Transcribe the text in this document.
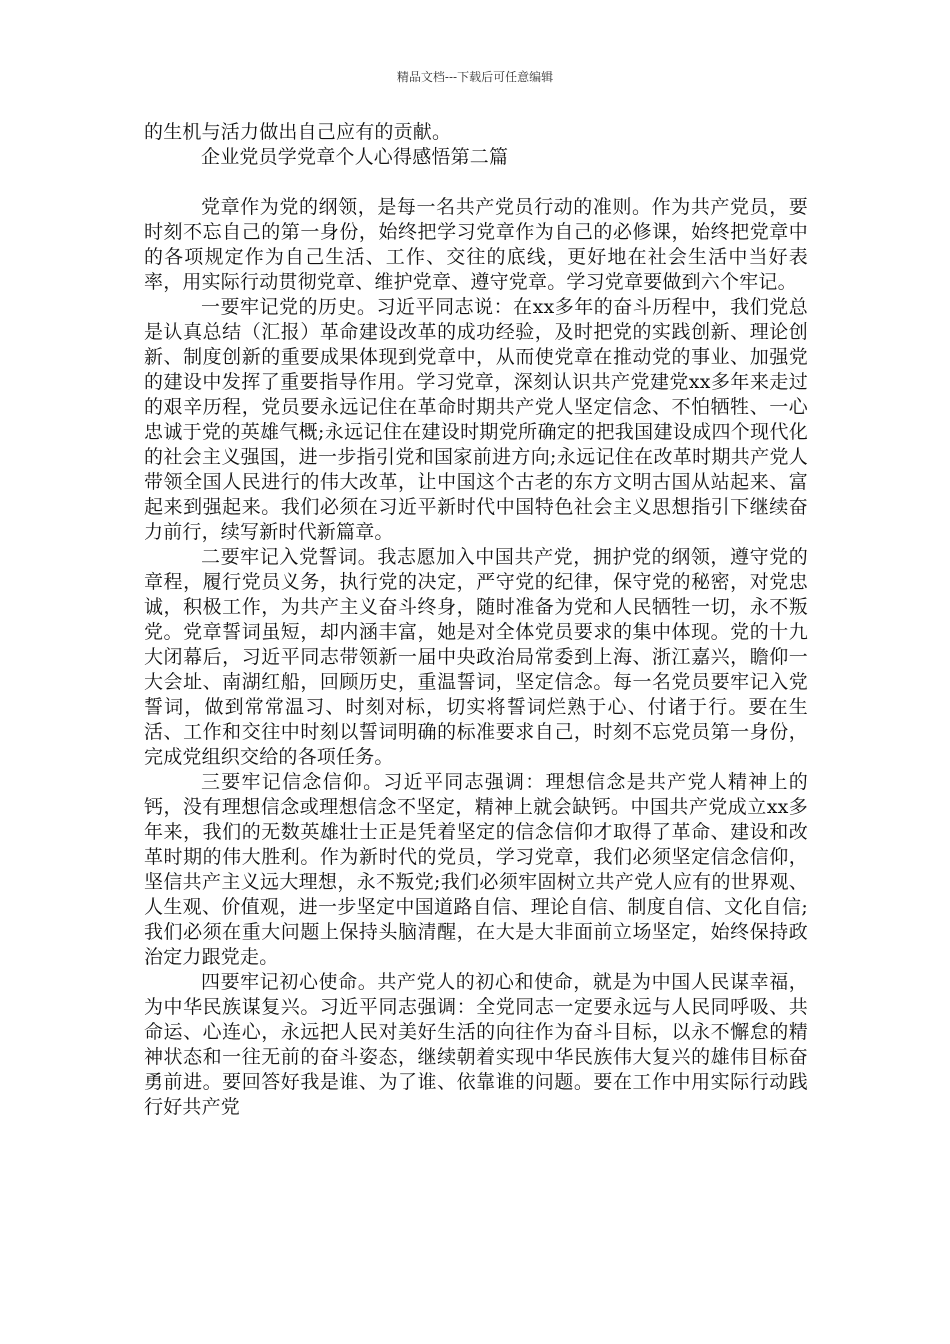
精品文档---下载后可任意编辑

的生机与活力做出自己应有的贡献。

企业党员学党章个人心得感悟第二篇

党章作为党的纲领，是每一名共产党员行动的准则。作为共产党员，要时刻不忘自己的第一身份，始终把学习党章作为自己的必修课，始终把党章中的各项规定作为自己生活、工作、交往的底线，更好地在社会生活中当好表率，用实际行动贯彻党章、维护党章、遵守党章。学习党章要做到六个牢记。

一要牢记党的历史。习近平同志说：在xx多年的奋斗历程中，我们党总是认真总结（汇报）革命建设改革的成功经验，及时把党的实践创新、理论创新、制度创新的重要成果体现到党章中，从而使党章在推动党的事业、加强党的建设中发挥了重要指导作用。学习党章，深刻认识共产党建党xx多年来走过的艰辛历程，党员要永远记住在革命时期共产党人坚定信念、不怕牺牲、一心忠诚于党的英雄气概;永远记住在建设时期党所确定的把我国建设成四个现代化的社会主义强国，进一步指引党和国家前进方向;永远记住在改革时期共产党人带领全国人民进行的伟大改革，让中国这个古老的东方文明古国从站起来、富起来到强起来。我们必须在习近平新时代中国特色社会主义思想指引下继续奋力前行，续写新时代新篇章。

二要牢记入党誓词。我志愿加入中国共产党，拥护党的纲领，遵守党的章程，履行党员义务，执行党的决定，严守党的纪律，保守党的秘密，对党忠诚，积极工作，为共产主义奋斗终身，随时准备为党和人民牺牲一切，永不叛党。党章誓词虽短，却内涵丰富，她是对全体党员要求的集中体现。党的十九大闭幕后，习近平同志带领新一届中央政治局常委到上海、浙江嘉兴，瞻仰一大会址、南湖红船，回顾历史，重温誓词，坚定信念。每一名党员要牢记入党誓词，做到常常温习、时刻对标，切实将誓词烂熟于心、付诸于行。要在生活、工作和交往中时刻以誓词明确的标准要求自己，时刻不忘党员第一身份，完成党组织交给的各项任务。

三要牢记信念信仰。习近平同志强调：理想信念是共产党人精神上的钙，没有理想信念或理想信念不坚定，精神上就会缺钙。中国共产党成立xx多年来，我们的无数英雄壮士正是凭着坚定的信念信仰才取得了革命、建设和改革时期的伟大胜利。作为新时代的党员，学习党章，我们必须坚定信念信仰，坚信共产主义远大理想，永不叛党;我们必须牢固树立共产党人应有的世界观、人生观、价值观，进一步坚定中国道路自信、理论自信、制度自信、文化自信;我们必须在重大问题上保持头脑清醒，在大是大非面前立场坚定，始终保持政治定力跟党走。

四要牢记初心使命。共产党人的初心和使命，就是为中国人民谋幸福，为中华民族谋复兴。习近平同志强调：全党同志一定要永远与人民同呼吸、共命运、心连心，永远把人民对美好生活的向往作为奋斗目标，以永不懈怠的精神状态和一往无前的奋斗姿态，继续朝着实现中华民族伟大复兴的雄伟目标奋勇前进。要回答好我是谁、为了谁、依靠谁的问题。要在工作中用实际行动践行好共产党
